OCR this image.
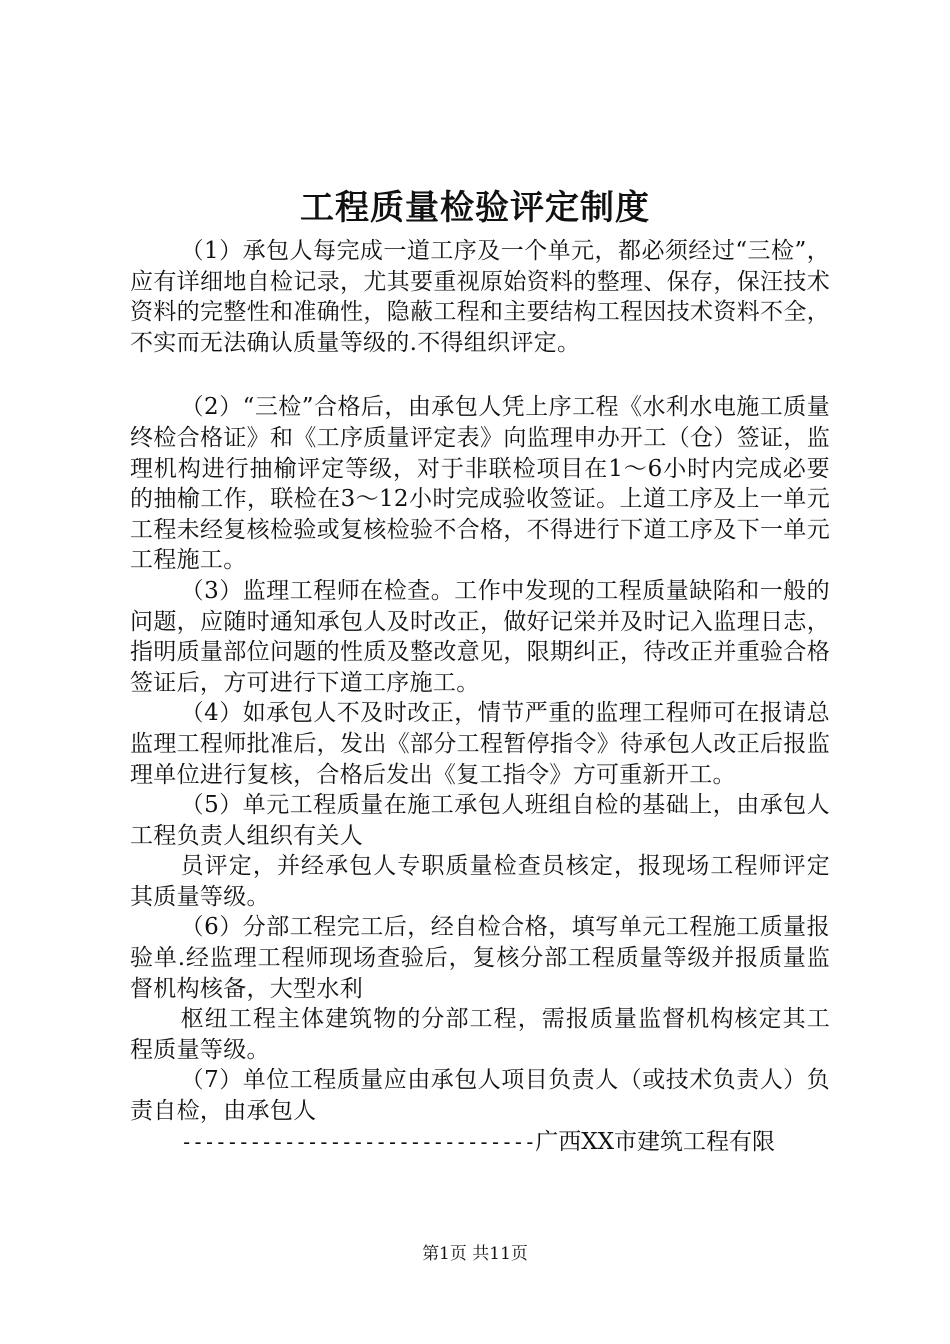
工程质量检验评定制度

（1）承包人每完成一道工序及一个单元，都必须经过“三检”，应有详细地自检记录，尤其要重视原始资料的整理、保存，保汪技术资料的完整性和准确性，隐蔽工程和主要结构工程因技术资料不全，不实而无法确认质量等级的.不得组织评定。

（2）“三检”合格后，由承包人凭上序工程《水利水电施工质量终检合格证》和《工序质量评定表》向监理申办开工（仓）签证，监理机构进行抽榆评定等级，对于非联检项目在1～6小时内完成必要的抽榆工作，联检在3～12小时完成验收签证。上道工序及上一单元工程未经复核检验或复核检验不合格，不得进行下道工序及下一单元工程施工。

（3）监理工程师在检查。工作中发现的工程质量缺陷和一般的问题，应随时通知承包人及时改正，做好记栄并及时记入监理日志，指明质量部位问题的性质及整改意见，限期纠正，待改正并重验合格签证后，方可进行下道工序施工。

（4）如承包人不及时改正，情节严重的监理工程师可在报请总监理工程师批准后，发出《部分工程暂停指令》待承包人改正后报监理单位进行复核，合格后发出《复工指令》方可重新开工。

（5）单元工程质量在施工承包人班组自检的基础上，由承包人工程负责人组织有关人

员评定，并经承包人专职质量检查员核定，报现场工程师评定其质量等级。

（6）分部工程完工后，经自检合格，填写单元工程施工质量报验单.经监理工程师现场查验后，复核分部工程质量等级并报质量监督机构核备，大型水利

枢纽工程主体建筑物的分部工程，需报质量监督机构核定其工程质量等级。

（7）单位工程质量应由承包人项目负责人（或技术负责人）负责自检，由承包人

-------------------------------广西XX市建筑工程有限

第1页 共11页
